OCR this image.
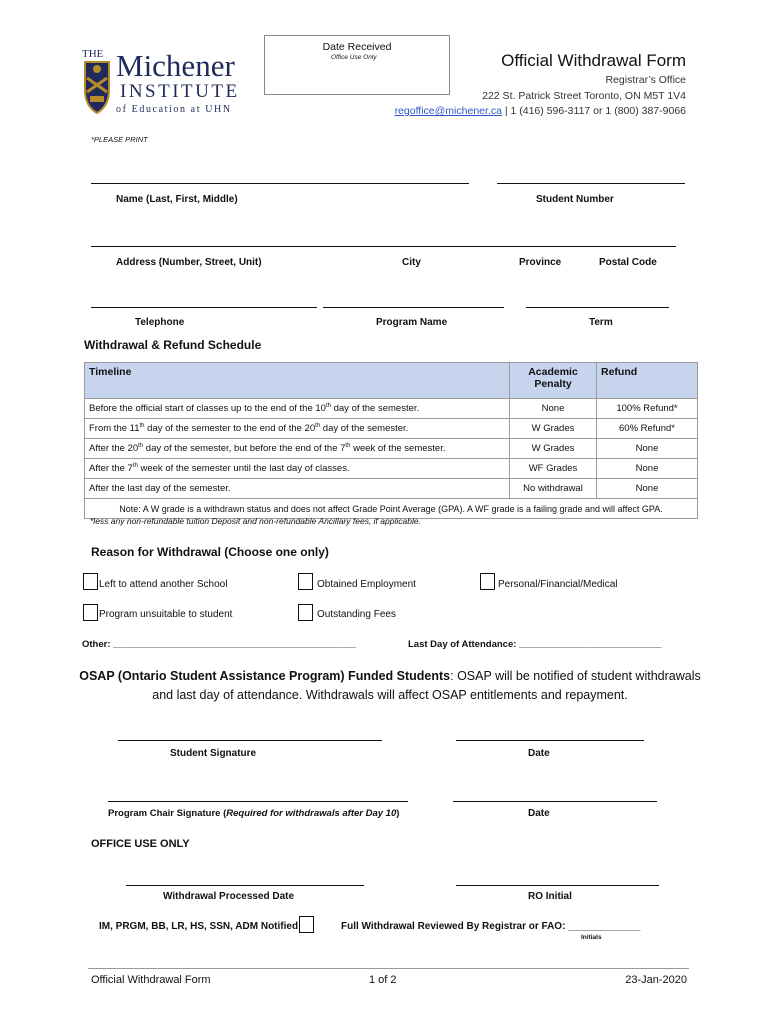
THE Michener
INSTITUTE
of Education at UHN
Date Received
Office Use Only	Official Withdrawal Form
Registrar’s Office
222 St. Patrick Street Toronto, ON M5T 1V4
regoffice@michener.ca | 1 (416) 596-3117 or 1 (800) 387-9066
*PLEASE PRINT
Name (Last, First, Middle)	Student Number
Address (Number, Street, Unit)	City	Province	Postal Code
Telephone	Program Name	Term
Withdrawal & Refund Schedule
Timeline	Academic Penalty	Refund
Before the official start of classes up to the end of the 10th day of the semester.	None	100% Refund*
From the 11th day of the semester to the end of the 20th day of the semester.	W Grades	60% Refund*
After the 20th day of the semester, but before the end of the 7th week of the semester.	W Grades	None
After the 7th week of the semester until the last day of classes.	WF Grades	None
After the last day of the semester.	No withdrawal	None
Note: A W grade is a withdrawn status and does not affect Grade Point Average (GPA). A WF grade is a failing grade and will affect GPA.		
*less any non-refundable tuition Deposit and non-refundable Ancillary fees, if applicable.
Reason for Withdrawal (Choose one only)
Left to attend another School	Obtained Employment	Personal/Financial/Medical
Program unsuitable to student	Outstanding Fees
Other: ______________________________________________	Last Day of Attendance: ___________________________
OSAP (Ontario Student Assistance Program) Funded Students: OSAP will be notified of student withdrawals
and last day of attendance. Withdrawals will affect OSAP entitlements and repayment.
Student Signature	Date
Program Chair Signature (Required for withdrawals after Day 10)	Date
OFFICE USE ONLY
Withdrawal Processed Date	RO Initial
IM, PRGM, BB, LR, HS, SSN, ADM Notified	Full Withdrawal Reviewed By Registrar or FAO: _____________
Initials
Official Withdrawal Form	1 of 2	23-Jan-2020
